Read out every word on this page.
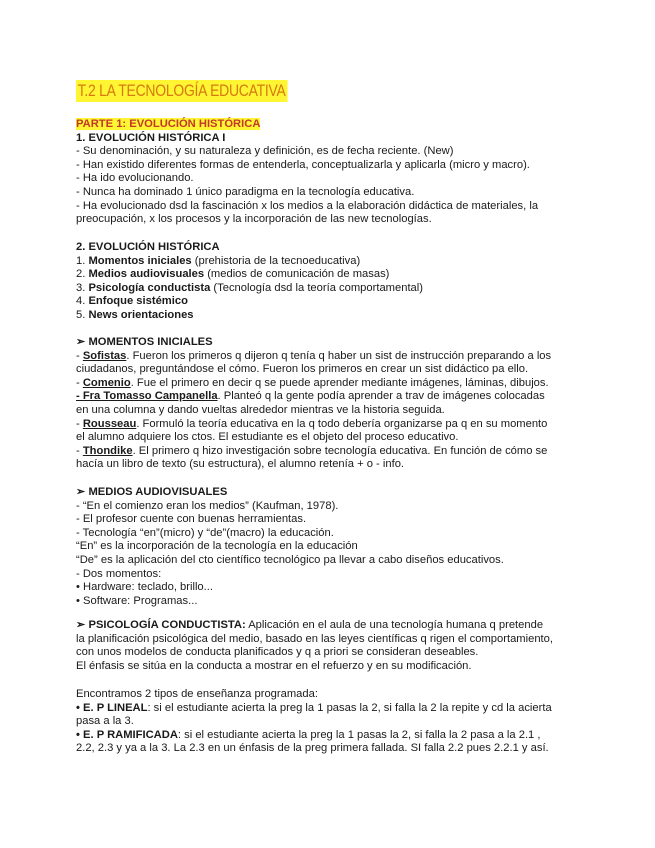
T.2 LA TECNOLOGÍA EDUCATIVA
PARTE 1: EVOLUCIÓN HISTÓRICA
1. EVOLUCIÓN HISTÓRICA I
- Su denominación, y su naturaleza y definición, es de fecha reciente. (New)
- Han existido diferentes formas de entenderla, conceptualizarla y aplicarla (micro y macro).
- Ha ido evolucionando.
- Nunca ha dominado 1 único paradigma en la tecnología educativa.
- Ha evolucionado dsd la fascinación x los medios a la elaboración didáctica de materiales, la
preocupación, x los procesos y la incorporación de las new tecnologías.
2. EVOLUCIÓN HISTÓRICA
1. Momentos iniciales (prehistoria de la tecnoeducativa)
2. Medios audiovisuales (medios de comunicación de masas)
3. Psicología conductista (Tecnología dsd la teoría comportamental)
4. Enfoque sistémico
5. News orientaciones
➢ MOMENTOS INICIALES
- Sofistas. Fueron los primeros q dijeron q tenía q haber un sist de instrucción preparando a los
ciudadanos, preguntándose el cómo. Fueron los primeros en crear un sist didáctico pa ello.
- Comenio. Fue el primero en decir q se puede aprender mediante imágenes, láminas, dibujos.
- Fra Tomasso Campanella. Planteó q la gente podía aprender a trav de imágenes colocadas
en una columna y dando vueltas alrededor mientras ve la historia seguida.
- Rousseau. Formuló la teoría educativa en la q todo debería organizarse pa q en su momento
el alumno adquiere los ctos. El estudiante es el objeto del proceso educativo.
- Thondike. El primero q hizo investigación sobre tecnología educativa. En función de cómo se
hacía un libro de texto (su estructura), el alumno retenía + o - info.
➢ MEDIOS AUDIOVISUALES
- “En el comienzo eran los medios” (Kaufman, 1978).
- El profesor cuente con buenas herramientas.
- Tecnología “en”(micro) y “de”(macro) la educación.
“En” es la incorporación de la tecnología en la educación
“De” es la aplicación del cto científico tecnológico pa llevar a cabo diseños educativos.
- Dos momentos:
• Hardware: teclado, brillo...
• Software: Programas...
➢ PSICOLOGÍA CONDUCTISTA: Aplicación en el aula de una tecnología humana q pretende
la planificación psicológica del medio, basado en las leyes científicas q rigen el comportamiento,
con unos modelos de conducta planificados y q a priori se consideran deseables.
El énfasis se sitúa en la conducta a mostrar en el refuerzo y en su modificación.
Encontramos 2 tipos de enseñanza programada:
• E. P LINEAL: si el estudiante acierta la preg la 1 pasas la 2, si falla la 2 la repite y cd la acierta
pasa a la 3.
• E. P RAMIFICADA: si el estudiante acierta la preg la 1 pasas la 2, si falla la 2 pasa a la 2.1 ,
2.2, 2.3 y ya a la 3. La 2.3 en un énfasis de la preg primera fallada. SI falla 2.2 pues 2.2.1 y así.
